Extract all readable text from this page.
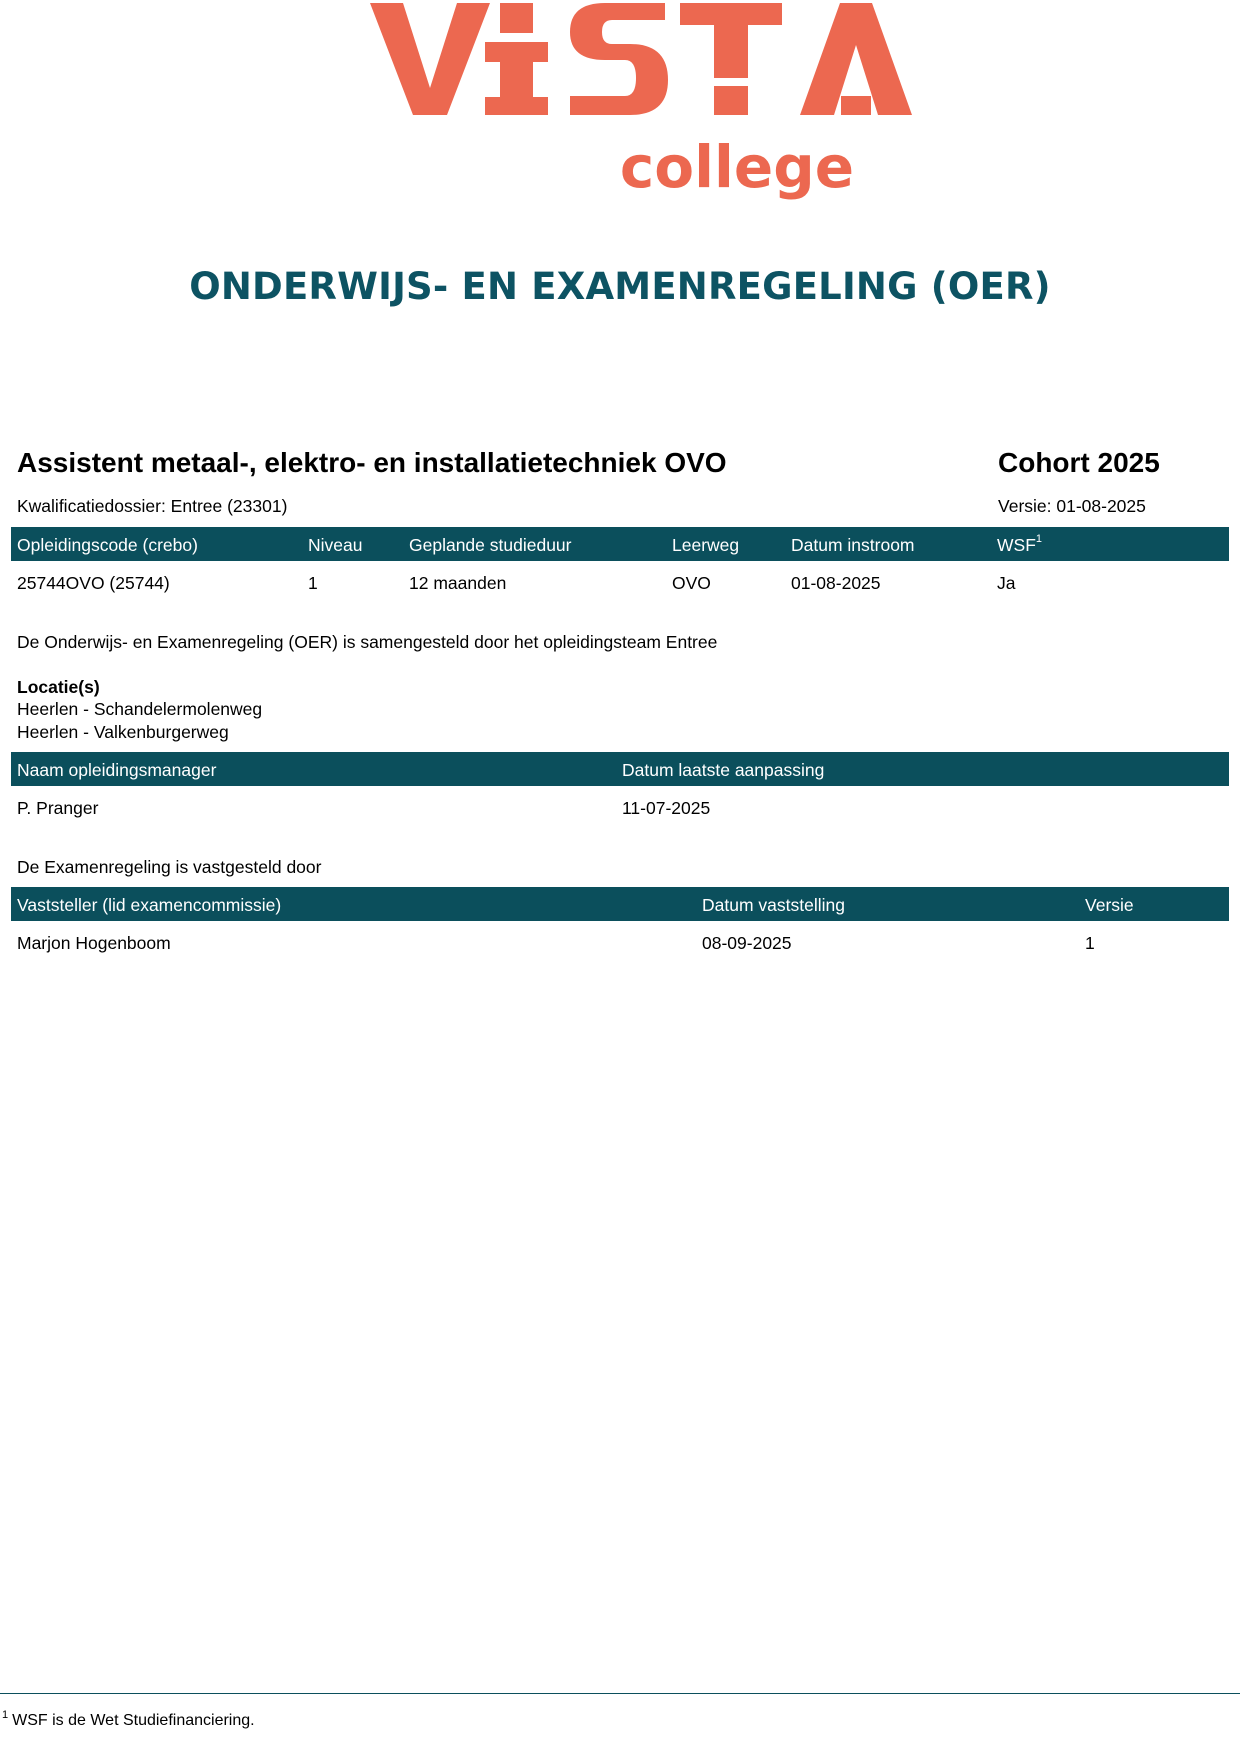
college
ONDERWIJS- EN EXAMENREGELING (OER)

Assistent metaal-, elektro- en installatietechniek OVO	Cohort 2025

Kwalificatiedossier: Entree (23301)	Versie: 01-08-2025

Opleidingscode (crebo)	Niveau	Geplande studieduur	Leerweg	Datum instroom	WSF$^1$
25744OVO (25744)	1	12 maanden	OVO	01-08-2025	Ja

De Onderwijs- en Examenregeling (OER) is samengesteld door het opleidingsteam Entree

Locatie(s)

Heerlen - Schandelermolenweg

Heerlen - Valkenburgerweg

Naam opleidingsmanager	Datum laatste aanpassing
P. Pranger	11-07-2025

De Examenregeling is vastgesteld door

Vaststeller (lid examencommissie)	Datum vaststelling	Versie
Marjon Hogenboom	08-09-2025	1

$^1$ WSF is de Wet Studiefinanciering.
